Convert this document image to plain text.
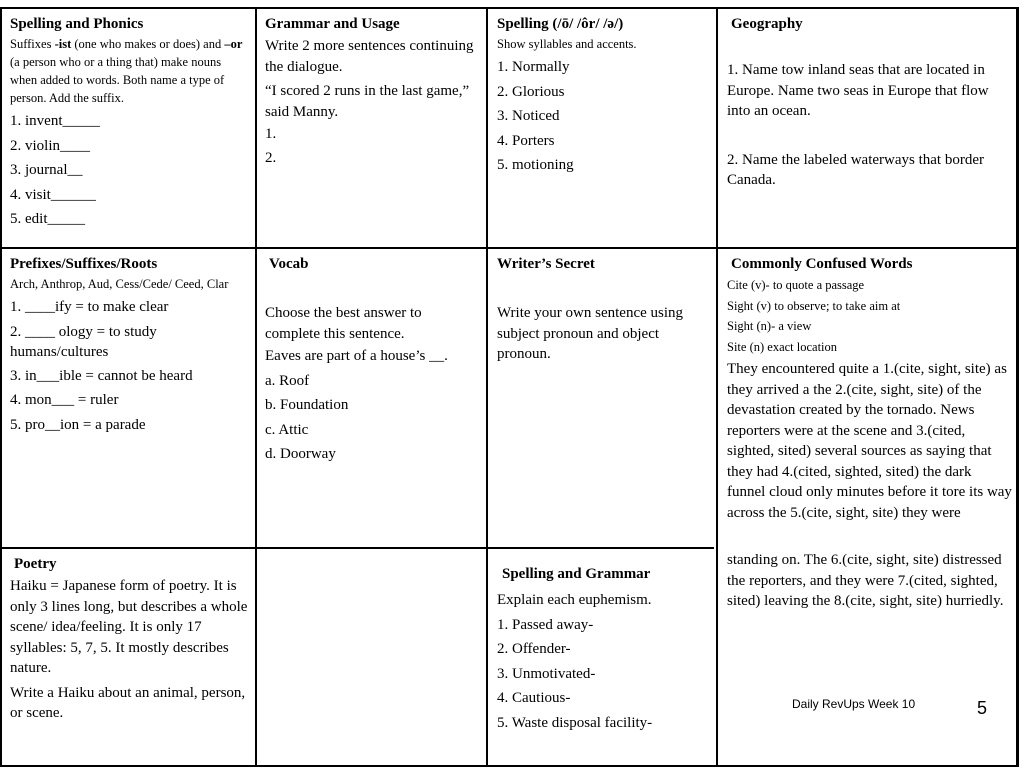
Spelling and Phonics
Suffixes -ist (one who makes or does) and –or (a person who or a thing that) make nouns when added to words. Both name a type of person. Add the suffix.
1. invent_____
2. violin____
3. journal__
4. visit______
5. edit_____
Grammar and Usage
Write 2 more sentences continuing the dialogue.
“I scored 2 runs in the last game,” said Manny.
1.
2.
Spelling (/ō/ /ôr/ /ə/)
Show syllables and accents.
1. Normally
2. Glorious
3. Noticed
4. Porters
5. motioning
Geography
1. Name tow inland seas that are located in Europe. Name two seas in Europe that flow into an ocean.
2. Name the labeled waterways that border Canada.
Prefixes/Suffixes/Roots
Arch, Anthrop, Aud, Cess/Cede/ Ceed, Clar
1. ____ify = to make clear
2. ____ ology = to study humans/cultures
3. in___ible = cannot be heard
4. mon___ = ruler
5. pro__ion = a parade
Vocab
Choose the best answer to complete this sentence.
Eaves are part of a house’s __.
a. Roof
b. Foundation
c. Attic
d. Doorway
Writer’s Secret
Write your own sentence using subject pronoun and object pronoun.
Commonly Confused Words
Cite (v)- to quote a passage
Sight (v) to observe; to take aim at
Sight (n)- a view
Site (n) exact location
They encountered quite a 1.(cite, sight, site) as they arrived a the 2.(cite, sight, site) of the devastation created by the tornado. News reporters were at the scene and 3.(cited, sighted, sited) several sources as saying that they had 4.(cited, sighted, sited) the dark funnel cloud only minutes before it tore its way across the 5.(cite, sight, site) they were
Poetry
Haiku = Japanese form of poetry. It is only 3 lines long, but describes a whole scene/ idea/feeling. It is only 17 syllables: 5, 7, 5. It mostly describes nature.
Write a Haiku about an animal, person, or scene.
Spelling and Grammar
Explain each euphemism.
1. Passed away-
2. Offender-
3. Unmotivated-
4. Cautious-
5. Waste disposal facility-
standing on. The 6.(cite, sight, site) distressed the reporters, and they were 7.(cited, sighted, sited) leaving the 8.(cite, sight, site) hurriedly.
Daily RevUps Week 10	5
